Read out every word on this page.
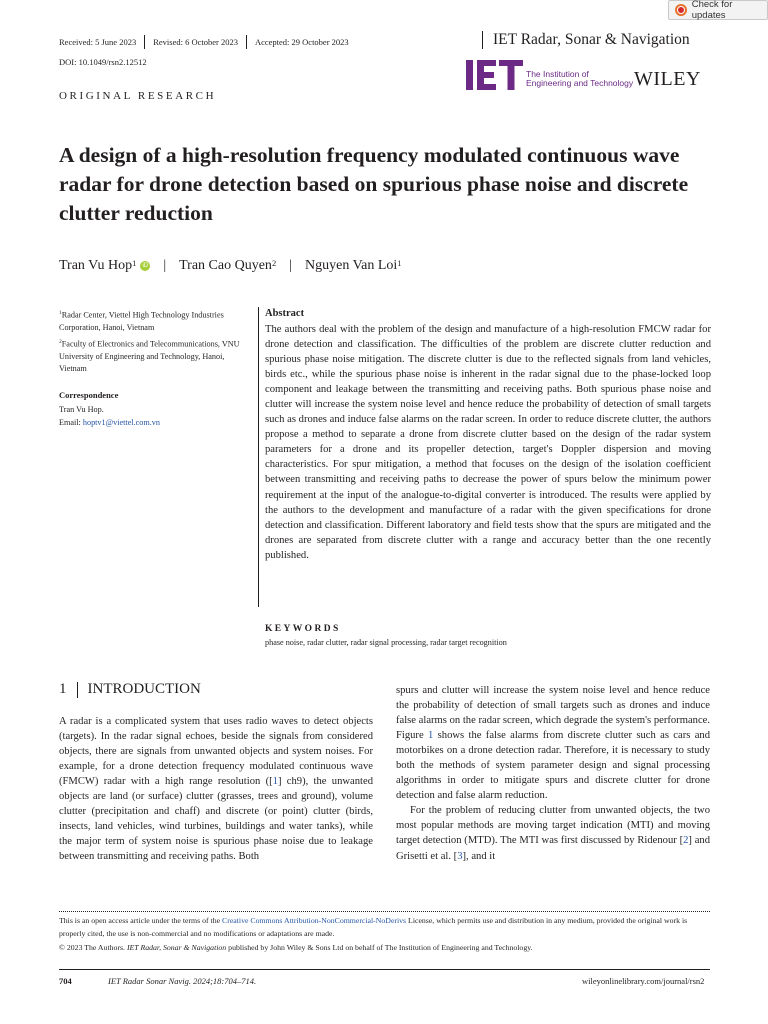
Check for updates
Received: 5 June 2023 Revised: 6 October 2023 Accepted: 29 October 2023
DOI: 10.1049/rsn2.12512
IET Radar, Sonar & Navigation
The Institution of
Engineering and Technology WILEY
ORIGINAL RESEARCH
A design of a high-resolution frequency modulated continuous wave radar for drone detection based on spurious phase noise and discrete clutter reduction
Tran Vu Hop$^1$	iD | Tran Cao Quyen$^2$ | Nguyen Van Loi$^1$
$^1$Radar Center, Viettel High Technology Industries Corporation, Hanoi, Vietnam
$^2$Faculty of Electronics and Telecommunications, VNU University of Engineering and Technology, Hanoi, Vietnam
Correspondence
Tran Vu Hop.
Email: hoptv1@viettel.com.vn
Abstract

The authors deal with the problem of the design and manufacture of a high-resolution FMCW radar for drone detection and classification. The difficulties of the problem are discrete clutter reduction and spurious phase noise mitigation. The discrete clutter is due to the reflected signals from land vehicles, birds etc., while the spurious phase noise is inherent in the radar signal due to the phase-locked loop component and leakage between the transmitting and receiving paths. Both spurious phase noise and clutter will increase the system noise level and hence reduce the probability of detection of small targets such as drones and induce false alarms on the radar screen. In order to reduce discrete clutter, the authors propose a method to separate a drone from discrete clutter based on the design of the radar system parameters for a drone and its propeller detection, target's Doppler dispersion and moving characteristics. For spur mitigation, a method that focuses on the design of the isolation coefficient between transmitting and receiving paths to decrease the power of spurs below the minimum power requirement at the input of the analogue-to-digital converter is introduced. The results were applied by the authors to the development and manufacture of a radar with the given specifications for drone detection and classification. Different laboratory and field tests show that the spurs are mitigated and the drones are separated from discrete clutter with a range and accuracy better than the one recently published.

KEYWORDS
phase noise, radar clutter, radar signal processing, radar target recognition
1 INTRODUCTION

A radar is a complicated system that uses radio waves to detect objects (targets). In the radar signal echoes, beside the signals from considered objects, there are signals from unwanted objects and system noises. For example, for a drone detection frequency modulated continuous wave (FMCW) radar with a high range resolution ([1] ch9), the unwanted objects are land (or surface) clutter (grasses, trees and ground), volume clutter (precipitation and chaff) and discrete (or point) clutter (birds, insects, land vehicles, wind turbines, buildings and water tanks), while the major term of system noise is spurious phase noise due to leakage between transmitting and receiving paths. Both

spurs and clutter will increase the system noise level and hence reduce the probability of detection of small targets such as drones and induce false alarms on the radar screen, which degrade the system's performance. Figure 1 shows the false alarms from discrete clutter such as cars and motorbikes on a drone detection radar. Therefore, it is necessary to study both the methods of system parameter design and signal processing algorithms in order to mitigate spurs and discrete clutter for drone detection and false alarm reduction.

For the problem of reducing clutter from unwanted objects, the two most popular methods are moving target indication (MTI) and moving target detection (MTD). The MTI was first discussed by Ridenour [2] and Grisetti et al. [3], and it

This is an open access article under the terms of the Creative Commons Attribution-NonCommercial-NoDerivs License, which permits use and distribution in any medium, provided the original work is properly cited, the use is non-commercial and no modifications or adaptations are made.
© 2023 The Authors. IET Radar, Sonar & Navigation published by John Wiley & Sons Ltd on behalf of The Institution of Engineering and Technology.
704	IET Radar Sonar Navig. 2024;18:704–714.	wileyonlinelibrary.com/journal/rsn2
